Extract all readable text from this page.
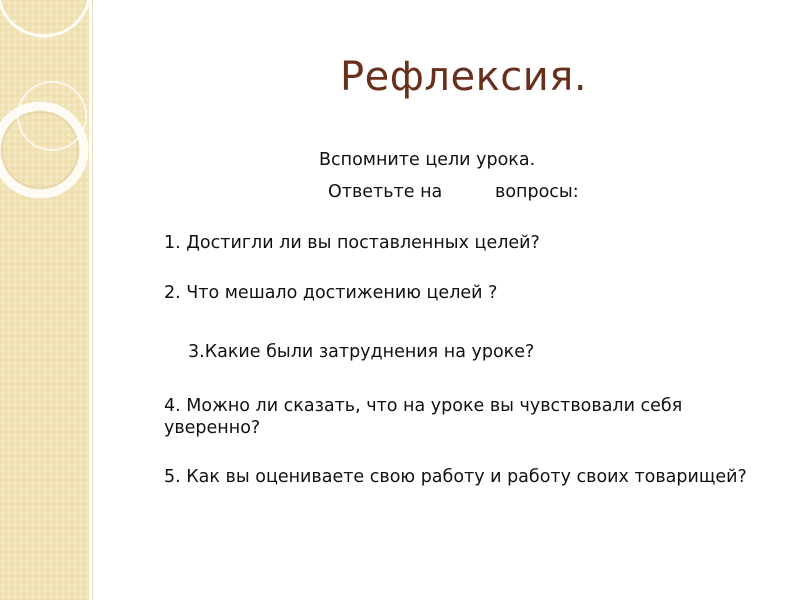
Рефлексия.
Вспомните цели урока.
Ответьте на	вопросы:
1. Достигли ли вы поставленных целей?
2. Что мешало достижению целей ?
3.Какие были затруднения на уроке?
4. Можно ли сказать, что на уроке вы чувствовали себя уверенно?
5. Как вы оцениваете свою работу и работу своих товарищей?
